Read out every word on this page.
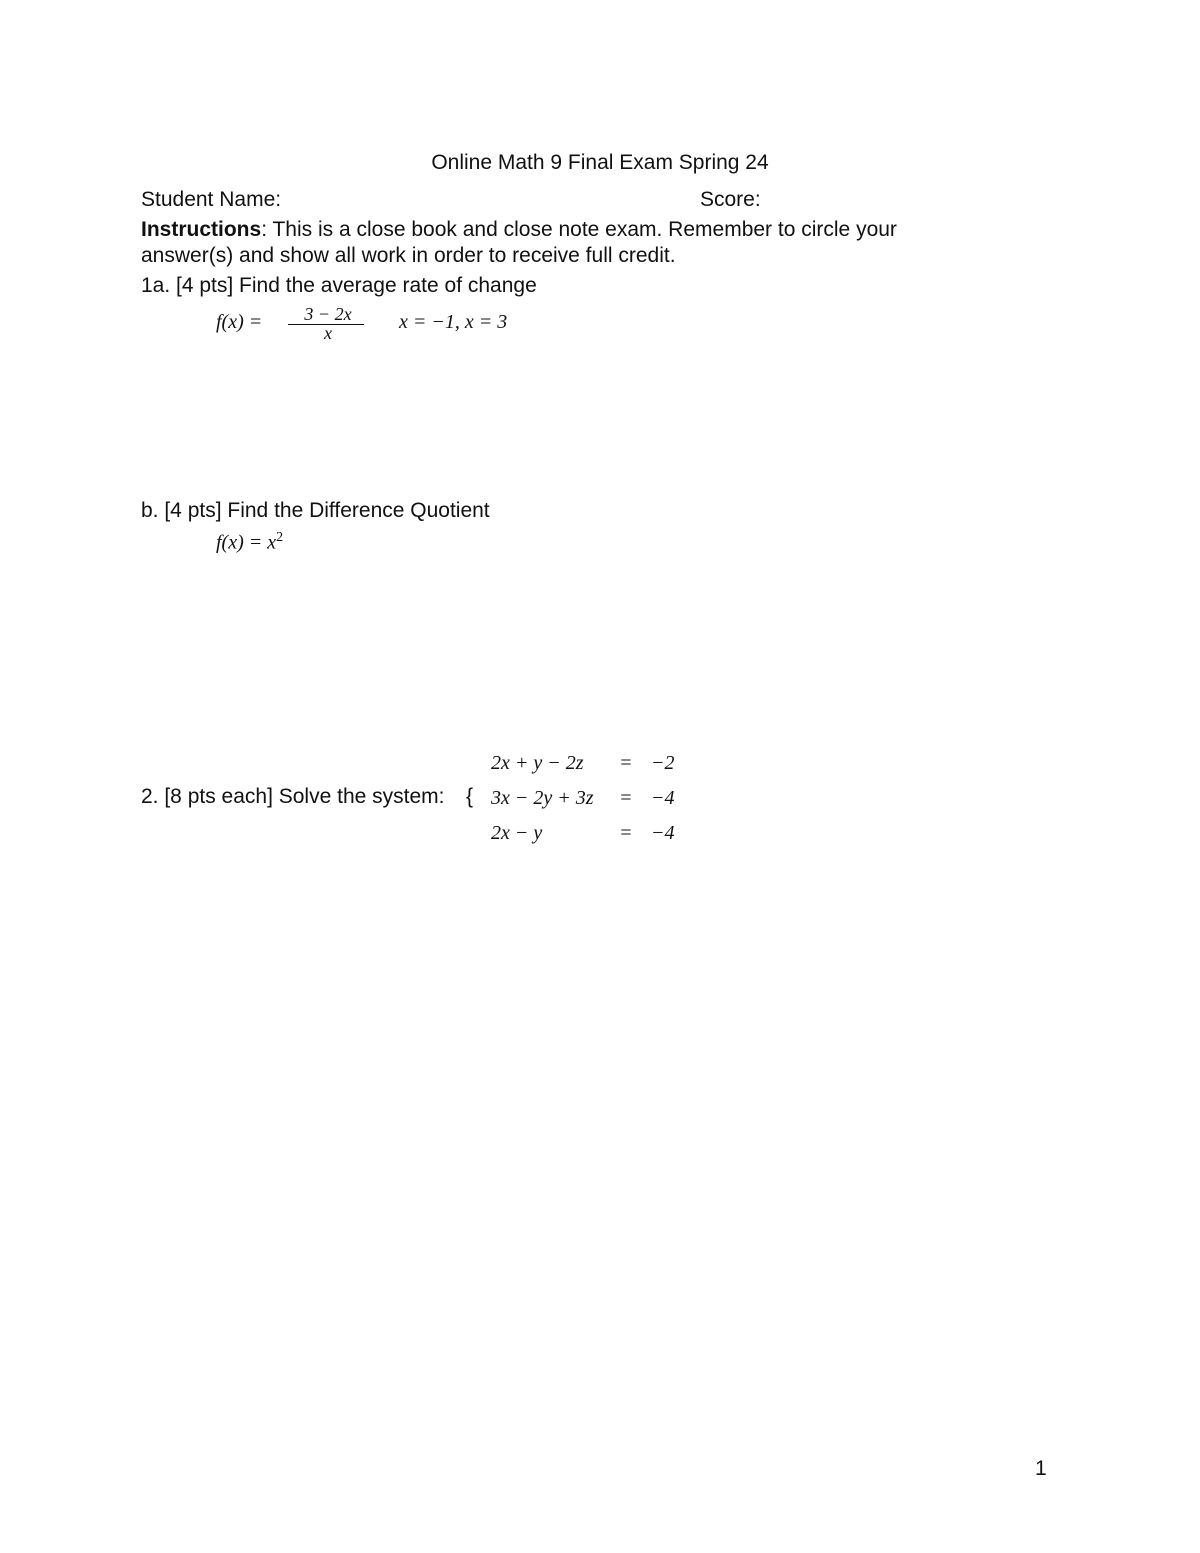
Online Math 9 Final Exam Spring 24
Student Name:	Score:
Instructions: This is a close book and close note exam. Remember to circle your
answer(s) and show all work in order to receive full credit.
1a. [4 pts] Find the average rate of change
f(x) =	3 − 2x
x	x = −1, x = 3
b. [4 pts] Find the Difference Quotient
$f(x) = x^2$
2. [8 pts each] Solve the system: {
2x + y − 2z = −2
3x − 2y + 3z = −4
2x − y	= −4
1
